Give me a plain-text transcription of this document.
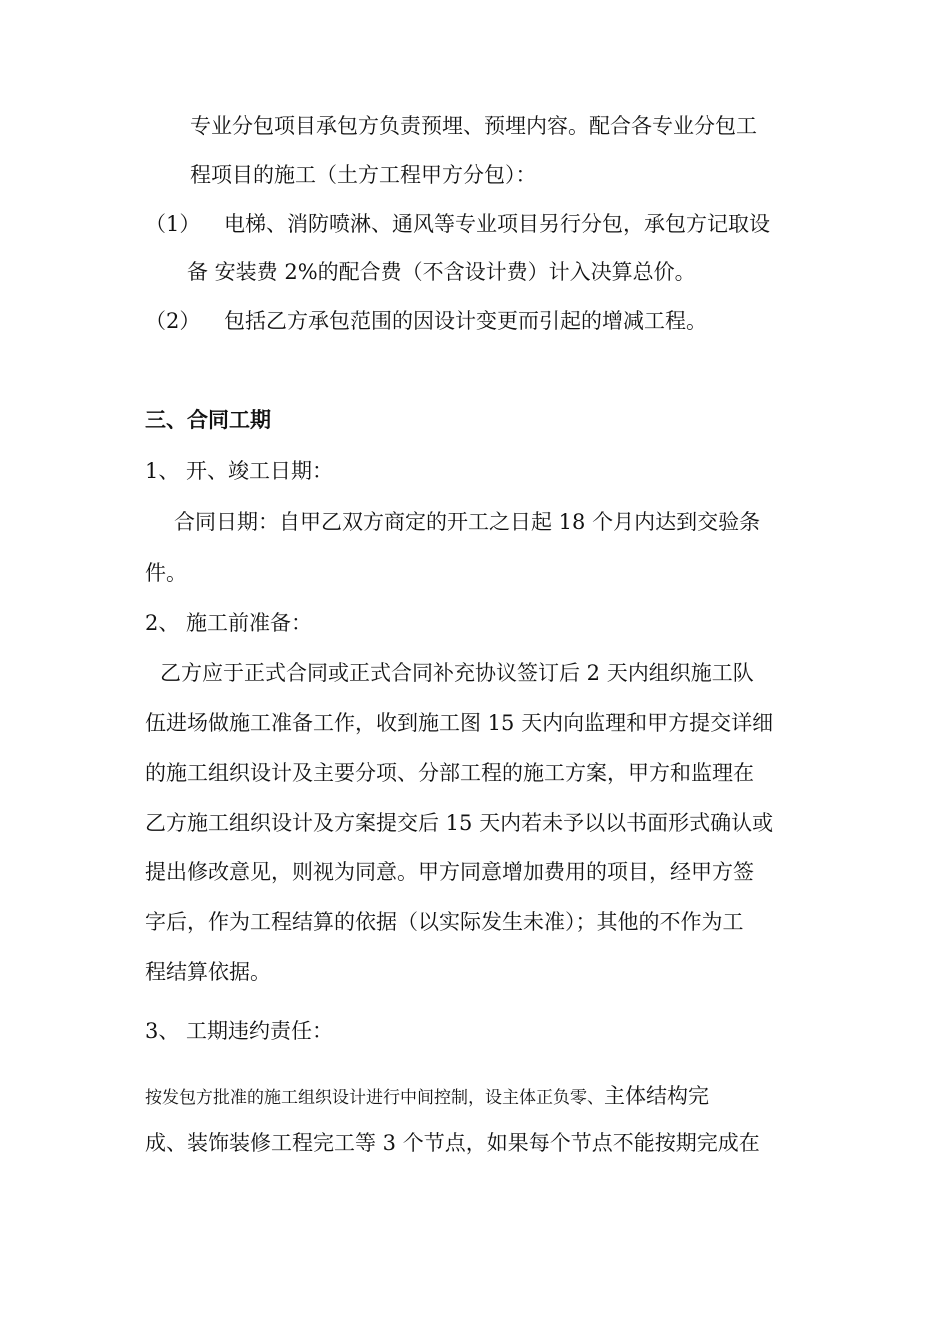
专业分包项目承包方负责预埋、预埋内容。配合各专业分包工
程项目的施工（土方工程甲方分包）：
（1） 电梯、消防喷淋、通风等专业项目另行分包，承包方记取设
备 安装费 2%的配合费（不含设计费）计入决算总价。
（2） 包括乙方承包范围的因设计变更而引起的增减工程。
三、合同工期
1、 开、竣工日期：
合同日期：自甲乙双方商定的开工之日起 18 个月内达到交验条
件。
2、 施工前准备：
乙方应于正式合同或正式合同补充协议签订后 2 天内组织施工队
伍进场做施工准备工作，收到施工图 15 天内向监理和甲方提交详细
的施工组织设计及主要分项、分部工程的施工方案，甲方和监理在
乙方施工组织设计及方案提交后 15 天内若未予以以书面形式确认或
提出修改意见，则视为同意。甲方同意增加费用的项目，经甲方签
字后，作为工程结算的依据（以实际发生未准）；其他的不作为工
程结算依据。
3、 工期违约责任：
按发包方批准的施工组织设计进行中间控制，设主体正负零、主体结构完
成、装饰装修工程完工等 3 个节点，如果每个节点不能按期完成在
